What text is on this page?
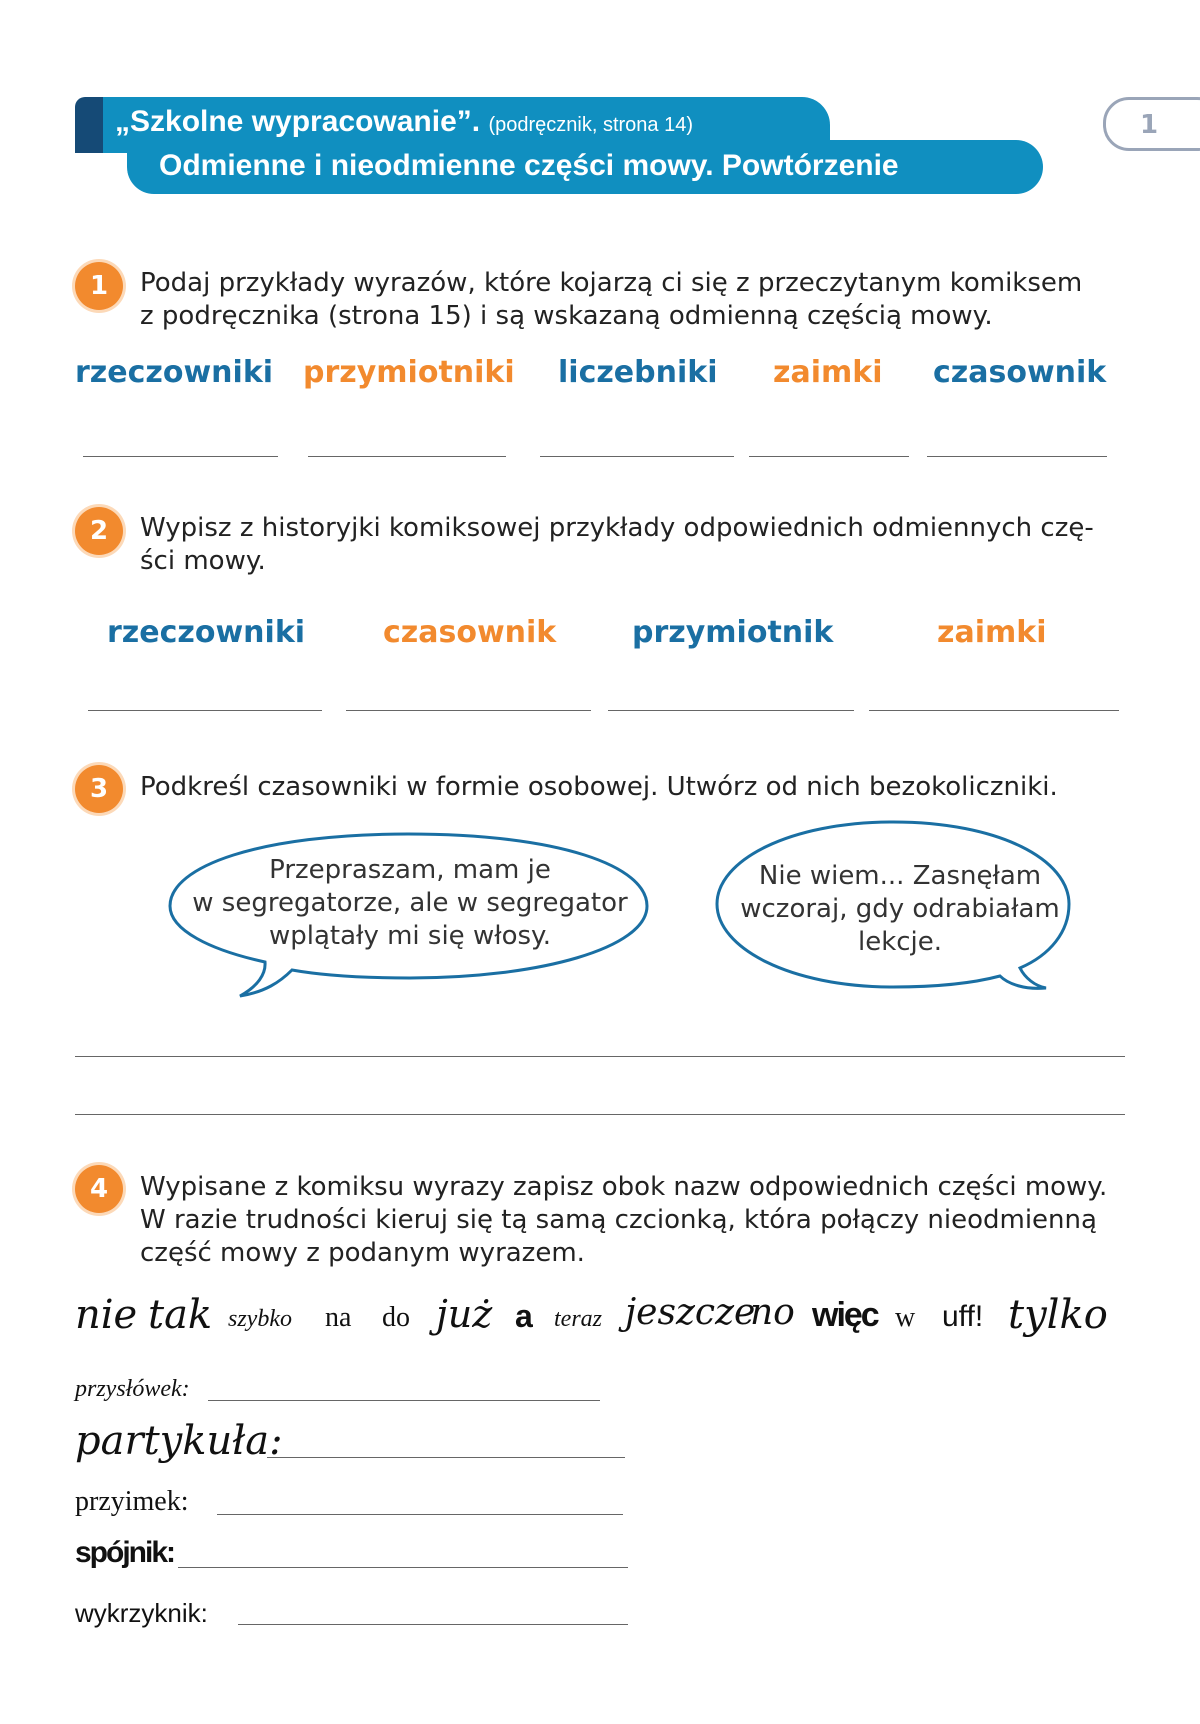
„Szkolne wypracowanie”. (podręcznik, strona 14)
Odmienne i nieodmienne części mowy. Powtórzenie
1
1	Podaj przykłady wyrazów, które kojarzą ci się z przeczytanym komiksem
z podręcznika (strona 15) i są wskazaną odmienną częścią mowy.
rzeczowniki przymiotniki liczebniki zaimki czasownik
2	Wypisz z historyjki komiksowej przykłady odpowiednich odmiennych czę-
ści mowy.
rzeczowniki	czasownik	przymiotnik	zaimki
3	Podkreśl czasowniki w formie osobowej. Utwórz od nich bezokoliczniki.
Przepraszam, mam je
w segregatorze, ale w segregator
wplątały mi się włosy.
Nie wiem... Zasnęłam
wczoraj, gdy odrabiałam
lekcje.
4	Wypisane z komiksu wyrazy zapisz obok nazw odpowiednich części mowy.
W razie trudności kieruj się tą samą czcionką, która połączy nieodmienną
część mowy z podanym wyrazem.
nie tak szybko na do już a teraz jeszcze
no więc w uff! tylko
przysłówek:
partykuła:
przyimek:
spójnik:
wykrzyknik:
